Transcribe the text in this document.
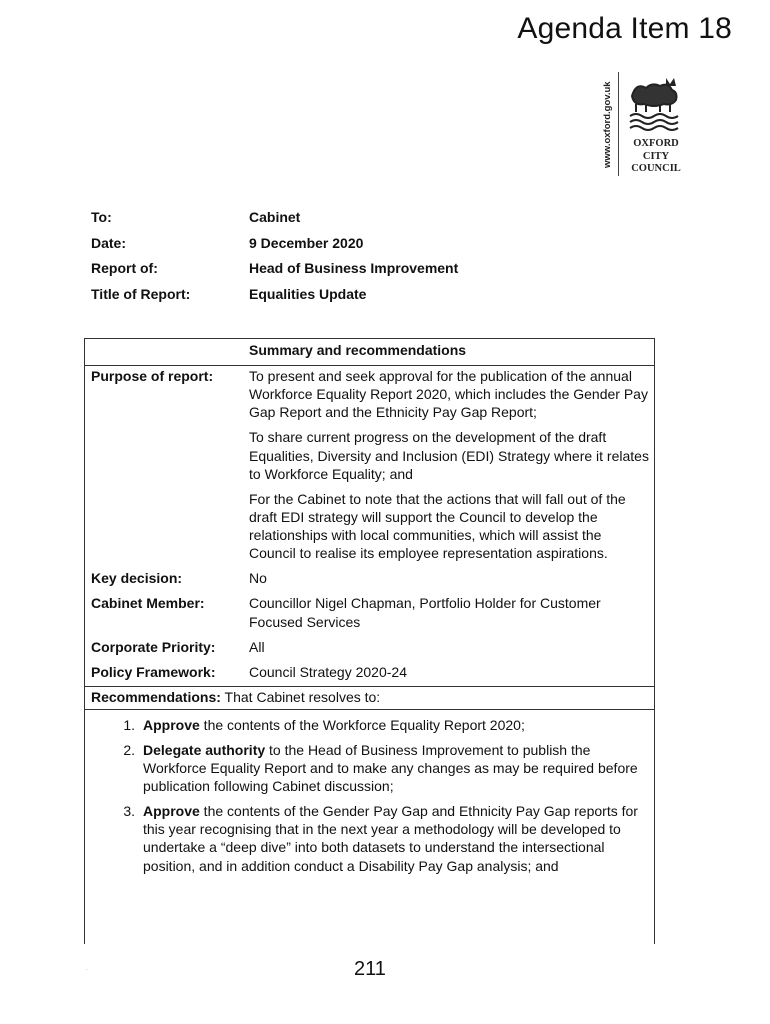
Agenda Item 18
www.oxford.gov.uk	OXFORD
CITY
COUNCIL
To:	Cabinet
Date:	9 December 2020
Report of:	Head of Business Improvement
Title of Report:	Equalities Update
Summary and recommendations
Purpose of report:	To present and seek approval for the publication of the annual Workforce Equality Report 2020, which includes the Gender Pay Gap Report and the Ethnicity Pay Gap Report;

To share current progress on the development of the draft Equalities, Diversity and Inclusion (EDI) Strategy where it relates to Workforce Equality; and

For the Cabinet to note that the actions that will fall out of the draft EDI strategy will support the Council to develop the relationships with local communities, which will assist the Council to realise its employee representation aspirations.

Key decision:	No

Cabinet Member:	Councillor Nigel Chapman, Portfolio Holder for Customer Focused Services

Corporate Priority:	All

Policy Framework:	Council Strategy 2020-24

Recommendations: That Cabinet resolves to:
1. Approve the contents of the Workforce Equality Report 2020;
2. Delegate authority to the Head of Business Improvement to publish the Workforce Equality Report and to make any changes as may be required before publication following Cabinet discussion;
3. Approve the contents of the Gender Pay Gap and Ethnicity Pay Gap reports for this year recognising that in the next year a methodology will be developed to undertake a “deep dive” into both datasets to understand the intersectional position, and in addition conduct a Disability Pay Gap analysis; and
.	211
